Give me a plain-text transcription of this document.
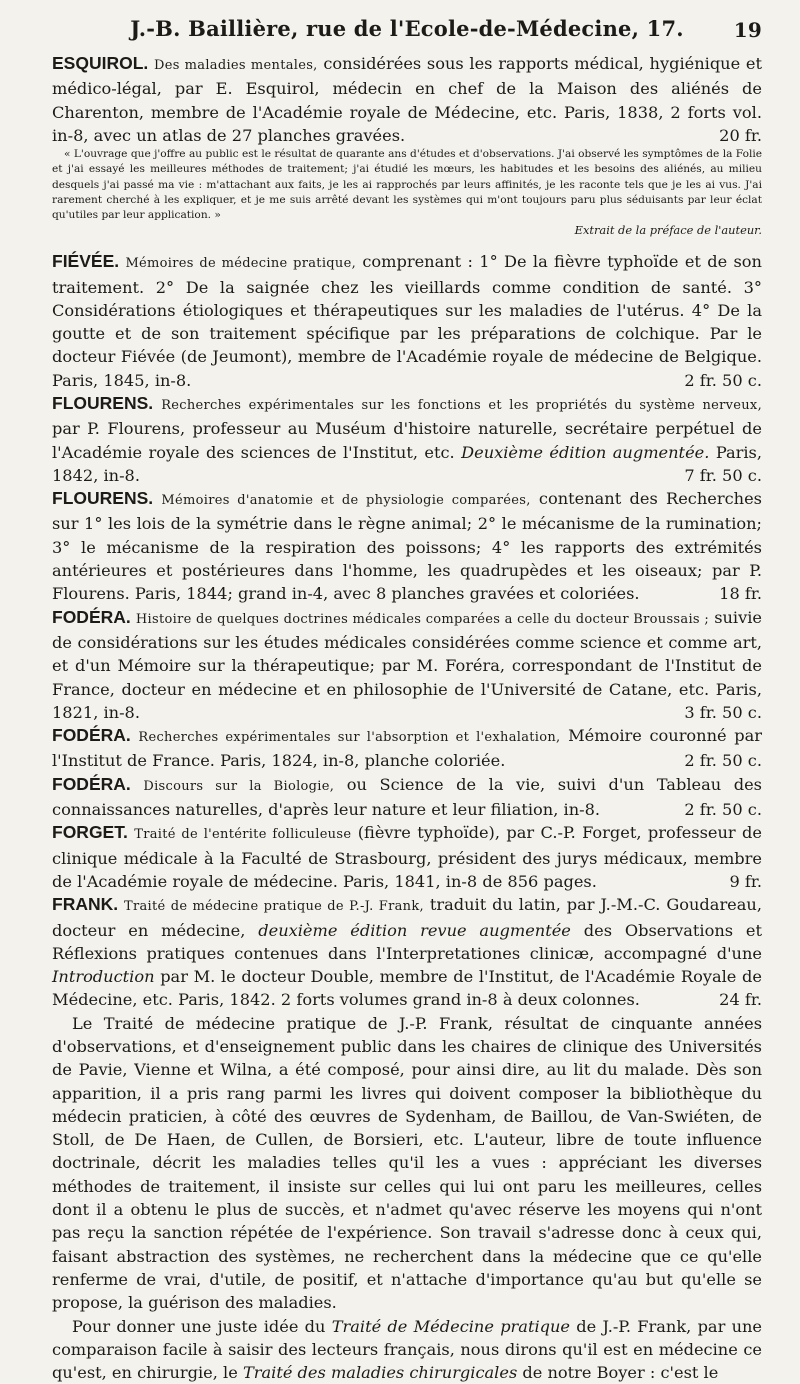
J.-B. Baillière, rue de l'Ecole-de-Médecine, 17. 19

ESQUIROL. Des maladies mentales, considérées sous les rapports médical, hygiénique et médico-légal, par E. Esquirol, médecin en chef de la Maison des aliénés de Charenton, membre de l'Académie royale de Médecine, etc. Paris, 1838, 2 forts vol. in-8, avec un atlas de 27 planches gravées.	20 fr.

« L'ouvrage que j'offre au public est le résultat de quarante ans d'études et d'observations. J'ai observé les symptômes de la Folie et j'ai essayé les meilleures méthodes de traitement; j'ai étudié les mœurs, les habitudes et les besoins des aliénés, au milieu desquels j'ai passé ma vie : m'attachant aux faits, je les ai rapprochés par leurs affinités, je les raconte tels que je les ai vus. J'ai rarement cherché à les expliquer, et je me suis arrêté devant les systèmes qui m'ont toujours paru plus séduisants par leur éclat qu'utiles par leur application. »

Extrait de la préface de l'auteur.

FIÉVÉE. Mémoires de médecine pratique, comprenant : 1° De la fièvre typhoïde et de son traitement. 2° De la saignée chez les vieillards comme condition de santé. 3° Considérations étiologiques et thérapeutiques sur les maladies de l'utérus. 4° De la goutte et de son traitement spécifique par les préparations de colchique. Par le docteur Fiévée (de Jeumont), membre de l'Académie royale de médecine de Belgique. Paris, 1845, in-8.	2 fr. 50 c.

FLOURENS. Recherches expérimentales sur les fonctions et les propriétés du système nerveux, par P. Flourens, professeur au Muséum d'histoire naturelle, secrétaire perpétuel de l'Académie royale des sciences de l'Institut, etc. Deuxième édition augmentée. Paris, 1842, in-8.	7 fr. 50 c.

FLOURENS. Mémoires d'anatomie et de physiologie comparées, contenant des Recherches sur 1° les lois de la symétrie dans le règne animal; 2° le mécanisme de la rumination; 3° le mécanisme de la respiration des poissons; 4° les rapports des extrémités antérieures et postérieures dans l'homme, les quadrupèdes et les oiseaux; par P. Flourens. Paris, 1844; grand in-4, avec 8 planches gravées et coloriées.	18 fr.

FODÉRA. Histoire de quelques doctrines médicales comparées a celle du docteur Broussais ; suivie de considérations sur les études médicales considérées comme science et comme art, et d'un Mémoire sur la thérapeutique; par M. Foréra, correspondant de l'Institut de France, docteur en médecine et en philosophie de l'Université de Catane, etc. Paris, 1821, in-8.	3 fr. 50 c.

FODÉRA. Recherches expérimentales sur l'absorption et l'exhalation, Mémoire couronné par l'Institut de France. Paris, 1824, in-8, planche coloriée.	2 fr. 50 c.

FODÉRA. Discours sur la Biologie, ou Science de la vie, suivi d'un Tableau des connaissances naturelles, d'après leur nature et leur filiation, in-8.	2 fr. 50 c.

FORGET. Traité de l'entérite folliculeuse (fièvre typhoïde), par C.-P. Forget, professeur de clinique médicale à la Faculté de Strasbourg, président des jurys médicaux, membre de l'Académie royale de médecine. Paris, 1841, in-8 de 856 pages.	9 fr.

FRANK. Traité de médecine pratique de P.-J. Frank, traduit du latin, par J.-M.-C. Goudareau, docteur en médecine, deuxième édition revue augmentée des Observations et Réflexions pratiques contenues dans l'Interpretationes clinicæ, accompagné d'une Introduction par M. le docteur Double, membre de l'Institut, de l'Académie Royale de Médecine, etc. Paris, 1842. 2 forts volumes grand in-8 à deux colonnes.	24 fr.

Le Traité de médecine pratique de J.-P. Frank, résultat de cinquante années d'observations, et d'enseignement public dans les chaires de clinique des Universités de Pavie, Vienne et Wilna, a été composé, pour ainsi dire, au lit du malade. Dès son apparition, il a pris rang parmi les livres qui doivent composer la bibliothèque du médecin praticien, à côté des œuvres de Sydenham, de Baillou, de Van-Swiéten, de Stoll, de De Haen, de Cullen, de Borsieri, etc. L'auteur, libre de toute influence doctrinale, décrit les maladies telles qu'il les a vues : appréciant les diverses méthodes de traitement, il insiste sur celles qui lui ont paru les meilleures, celles dont il a obtenu le plus de succès, et n'admet qu'avec réserve les moyens qui n'ont pas reçu la sanction répétée de l'expérience. Son travail s'adresse donc à ceux qui, faisant abstraction des systèmes, ne recherchent dans la médecine que ce qu'elle renferme de vrai, d'utile, de positif, et n'attache d'importance qu'au but qu'elle se propose, la guérison des maladies.

Pour donner une juste idée du Traité de Médecine pratique de J.-P. Frank, par une comparaison facile à saisir des lecteurs français, nous dirons qu'il est en médecine ce qu'est, en chirurgie, le Traité des maladies chirurgicales de notre Boyer : c'est le
